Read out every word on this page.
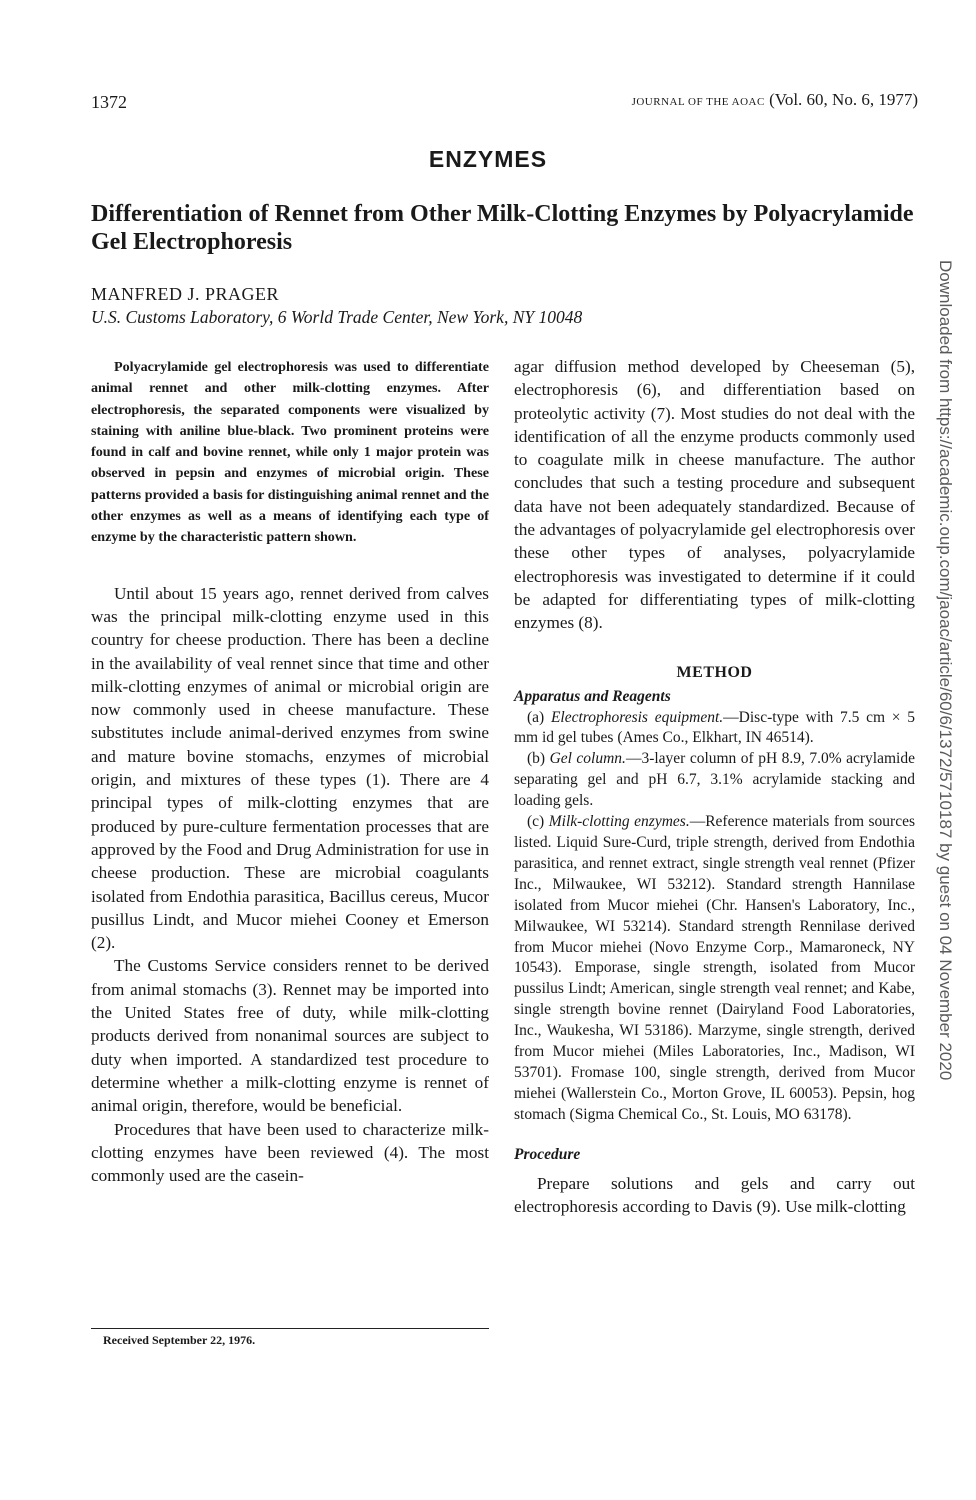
1372	JOURNAL OF THE AOAC (Vol. 60, No. 6, 1977)
ENZYMES
Differentiation of Rennet from Other Milk-Clotting Enzymes by Polyacrylamide Gel Electrophoresis
MANFRED J. PRAGER
U.S. Customs Laboratory, 6 World Trade Center, New York, NY 10048

Polyacrylamide gel electrophoresis was used to differentiate animal rennet and other milk-clotting enzymes. After electrophoresis, the separated components were visualized by staining with aniline blue-black. Two prominent proteins were found in calf and bovine rennet, while only 1 major protein was observed in pepsin and enzymes of microbial origin. These patterns provided a basis for distinguishing animal rennet and the other enzymes as well as a means of identifying each type of enzyme by the characteristic pattern shown.

Until about 15 years ago, rennet derived from calves was the principal milk-clotting enzyme used in this country for cheese production. There has been a decline in the availability of veal rennet since that time and other milk-clotting enzymes of animal or microbial origin are now commonly used in cheese manufacture. These substitutes include animal-derived enzymes from swine and mature bovine stomachs, enzymes of microbial origin, and mixtures of these types (1). There are 4 principal types of milk-clotting enzymes that are produced by pure-culture fermentation processes that are approved by the Food and Drug Administration for use in cheese production. These are microbial coagulants isolated from Endothia parasitica, Bacillus cereus, Mucor pusillus Lindt, and Mucor miehei Cooney et Emerson (2).

The Customs Service considers rennet to be derived from animal stomachs (3). Rennet may be imported into the United States free of duty, while milk-clotting products derived from nonanimal sources are subject to duty when imported. A standardized test procedure to determine whether a milk-clotting enzyme is rennet of animal origin, therefore, would be beneficial.

Procedures that have been used to characterize milk-clotting enzymes have been reviewed (4). The most commonly used are the casein-

agar diffusion method developed by Cheeseman (5), electrophoresis (6), and differentiation based on proteolytic activity (7). Most studies do not deal with the identification of all the enzyme products commonly used to coagulate milk in cheese manufacture. The author concludes that such a testing procedure and subsequent data have not been adequately standardized. Because of the advantages of polyacrylamide gel electrophoresis over these other types of analyses, polyacrylamide electrophoresis was investigated to determine if it could be adapted for differentiating types of milk-clotting enzymes (8).

METHOD
Apparatus and Reagents

(a) Electrophoresis equipment.—Disc-type with 7.5 cm × 5 mm id gel tubes (Ames Co., Elkhart, IN 46514).

(b) Gel column.—3-layer column of pH 8.9, 7.0% acrylamide separating gel and pH 6.7, 3.1% acrylamide stacking and loading gels.

(c) Milk-clotting enzymes.—Reference materials from sources listed. Liquid Sure-Curd, triple strength, derived from Endothia parasitica, and rennet extract, single strength veal rennet (Pfizer Inc., Milwaukee, WI 53212). Standard strength Hannilase isolated from Mucor miehei (Chr. Hansen's Laboratory, Inc., Milwaukee, WI 53214). Standard strength Rennilase derived from Mucor miehei (Novo Enzyme Corp., Mamaroneck, NY 10543). Emporase, single strength, isolated from Mucor pussilus Lindt; American, single strength veal rennet; and Kabe, single strength bovine rennet (Dairyland Food Laboratories, Inc., Waukesha, WI 53186). Marzyme, single strength, derived from Mucor miehei (Miles Laboratories, Inc., Madison, WI 53701). Fromase 100, single strength, derived from Mucor miehei (Wallerstein Co., Morton Grove, IL 60053). Pepsin, hog stomach (Sigma Chemical Co., St. Louis, MO 63178).

Procedure

Prepare solutions and gels and carry out electrophoresis according to Davis (9). Use milk-clotting

Received September 22, 1976.
Downloaded from https://academic.oup.com/jaoac/article/60/6/1372/5710187 by guest on 04 November 2020
